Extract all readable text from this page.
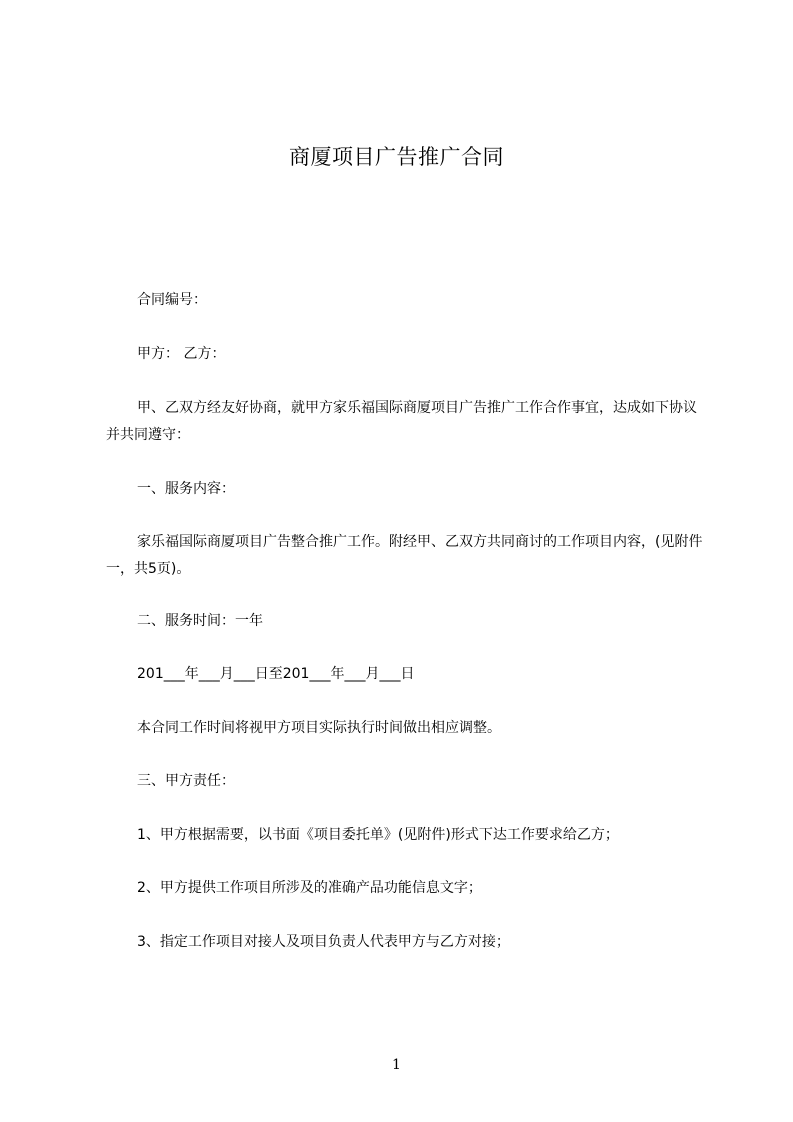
商厦项目广告推广合同
合同编号：
甲方： 乙方：
甲、乙双方经友好协商，就甲方家乐福国际商厦项目广告推广工作合作事宜，达成如下协议并共同遵守：
一、服务内容：
家乐福国际商厦项目广告整合推广工作。附经甲、乙双方共同商讨的工作项目内容，(见附件一，共5页)。
二、服务时间：一年
201___年___月___日至201___年___月___日
本合同工作时间将视甲方项目实际执行时间做出相应调整。
三、甲方责任：
1、甲方根据需要，以书面《项目委托单》(见附件)形式下达工作要求给乙方；
2、甲方提供工作项目所涉及的准确产品功能信息文字；
3、指定工作项目对接人及项目负责人代表甲方与乙方对接；
1
